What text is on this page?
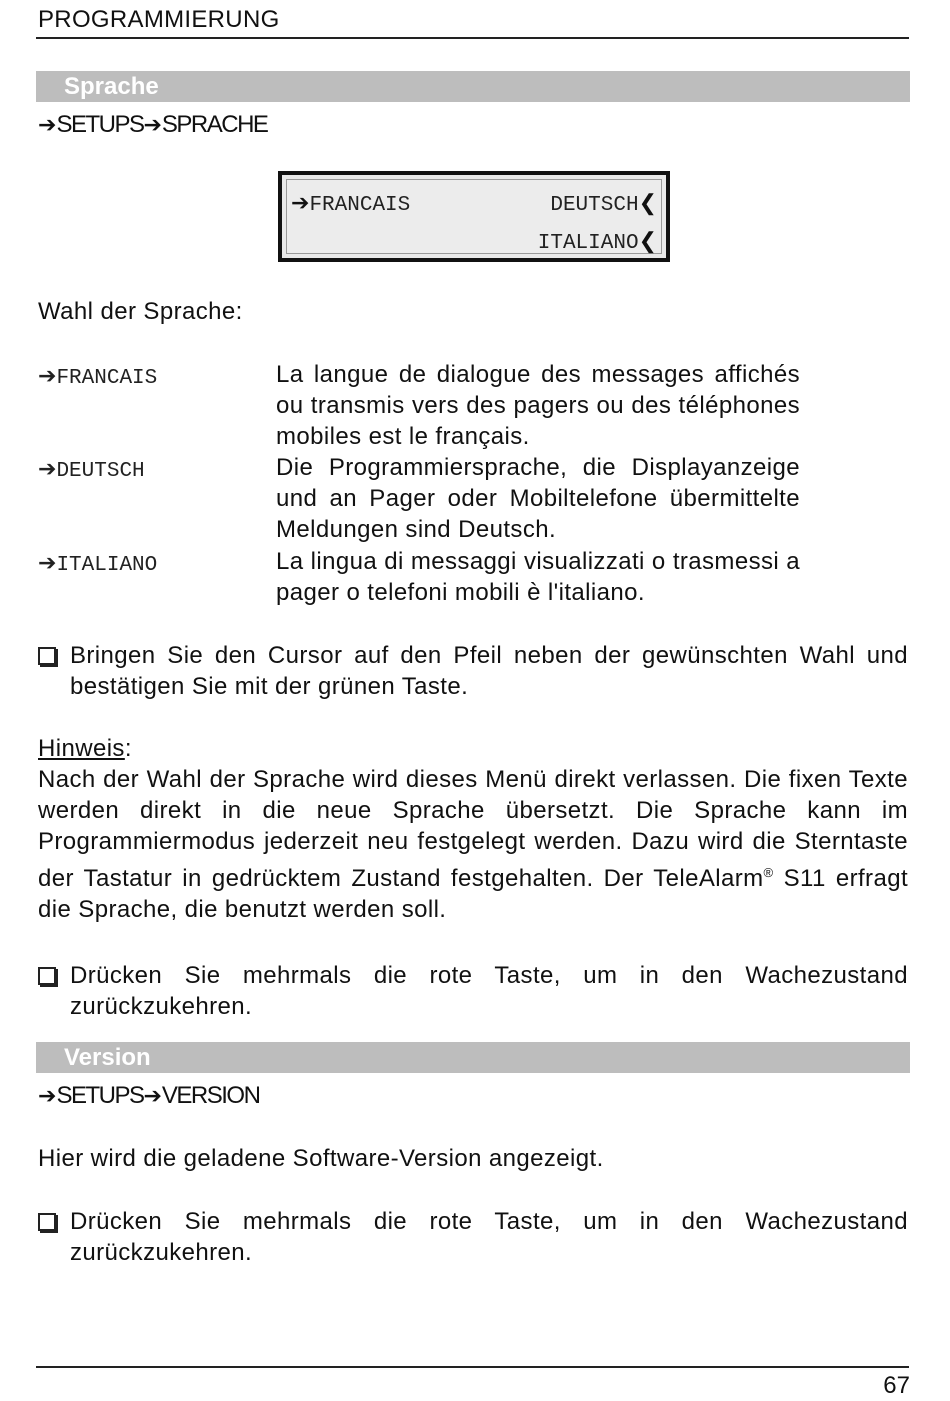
PROGRAMMIERUNG
Sprache
➔SETUPS➔SPRACHE
➔FRANCAIS	DEUTSCH❮
ITALIANO❮
Wahl der Sprache:
➔FRANCAIS	La langue de dialogue des messages affichés ou transmis vers des pagers ou des téléphones mobiles est le français.
➔DEUTSCH	Die Programmiersprache, die Displayanzeige und an Pager oder Mobiltelefone übermittelte Meldungen sind Deutsch.
➔ITALIANO	La lingua di messaggi visualizzati o trasmessi a pager o telefoni mobili è l'italiano.
Bringen Sie den Cursor auf den Pfeil neben der gewünschten Wahl und bestätigen Sie mit der grünen Taste.
Hinweis:
Nach der Wahl der Sprache wird dieses Menü direkt verlassen. Die fixen Texte werden direkt in die neue Sprache übersetzt. Die Sprache kann im Programmiermodus jederzeit neu festgelegt werden. Dazu wird die Sterntaste der Tastatur in gedrücktem Zustand festgehalten. Der TeleAlarm® S11 erfragt die Sprache, die benutzt werden soll.
Drücken Sie mehrmals die rote Taste, um in den Wachezustand zurückzukehren.
Version
➔SETUPS➔VERSION
Hier wird die geladene Software-Version angezeigt.
Drücken Sie mehrmals die rote Taste, um in den Wachezustand zurückzukehren.
67
